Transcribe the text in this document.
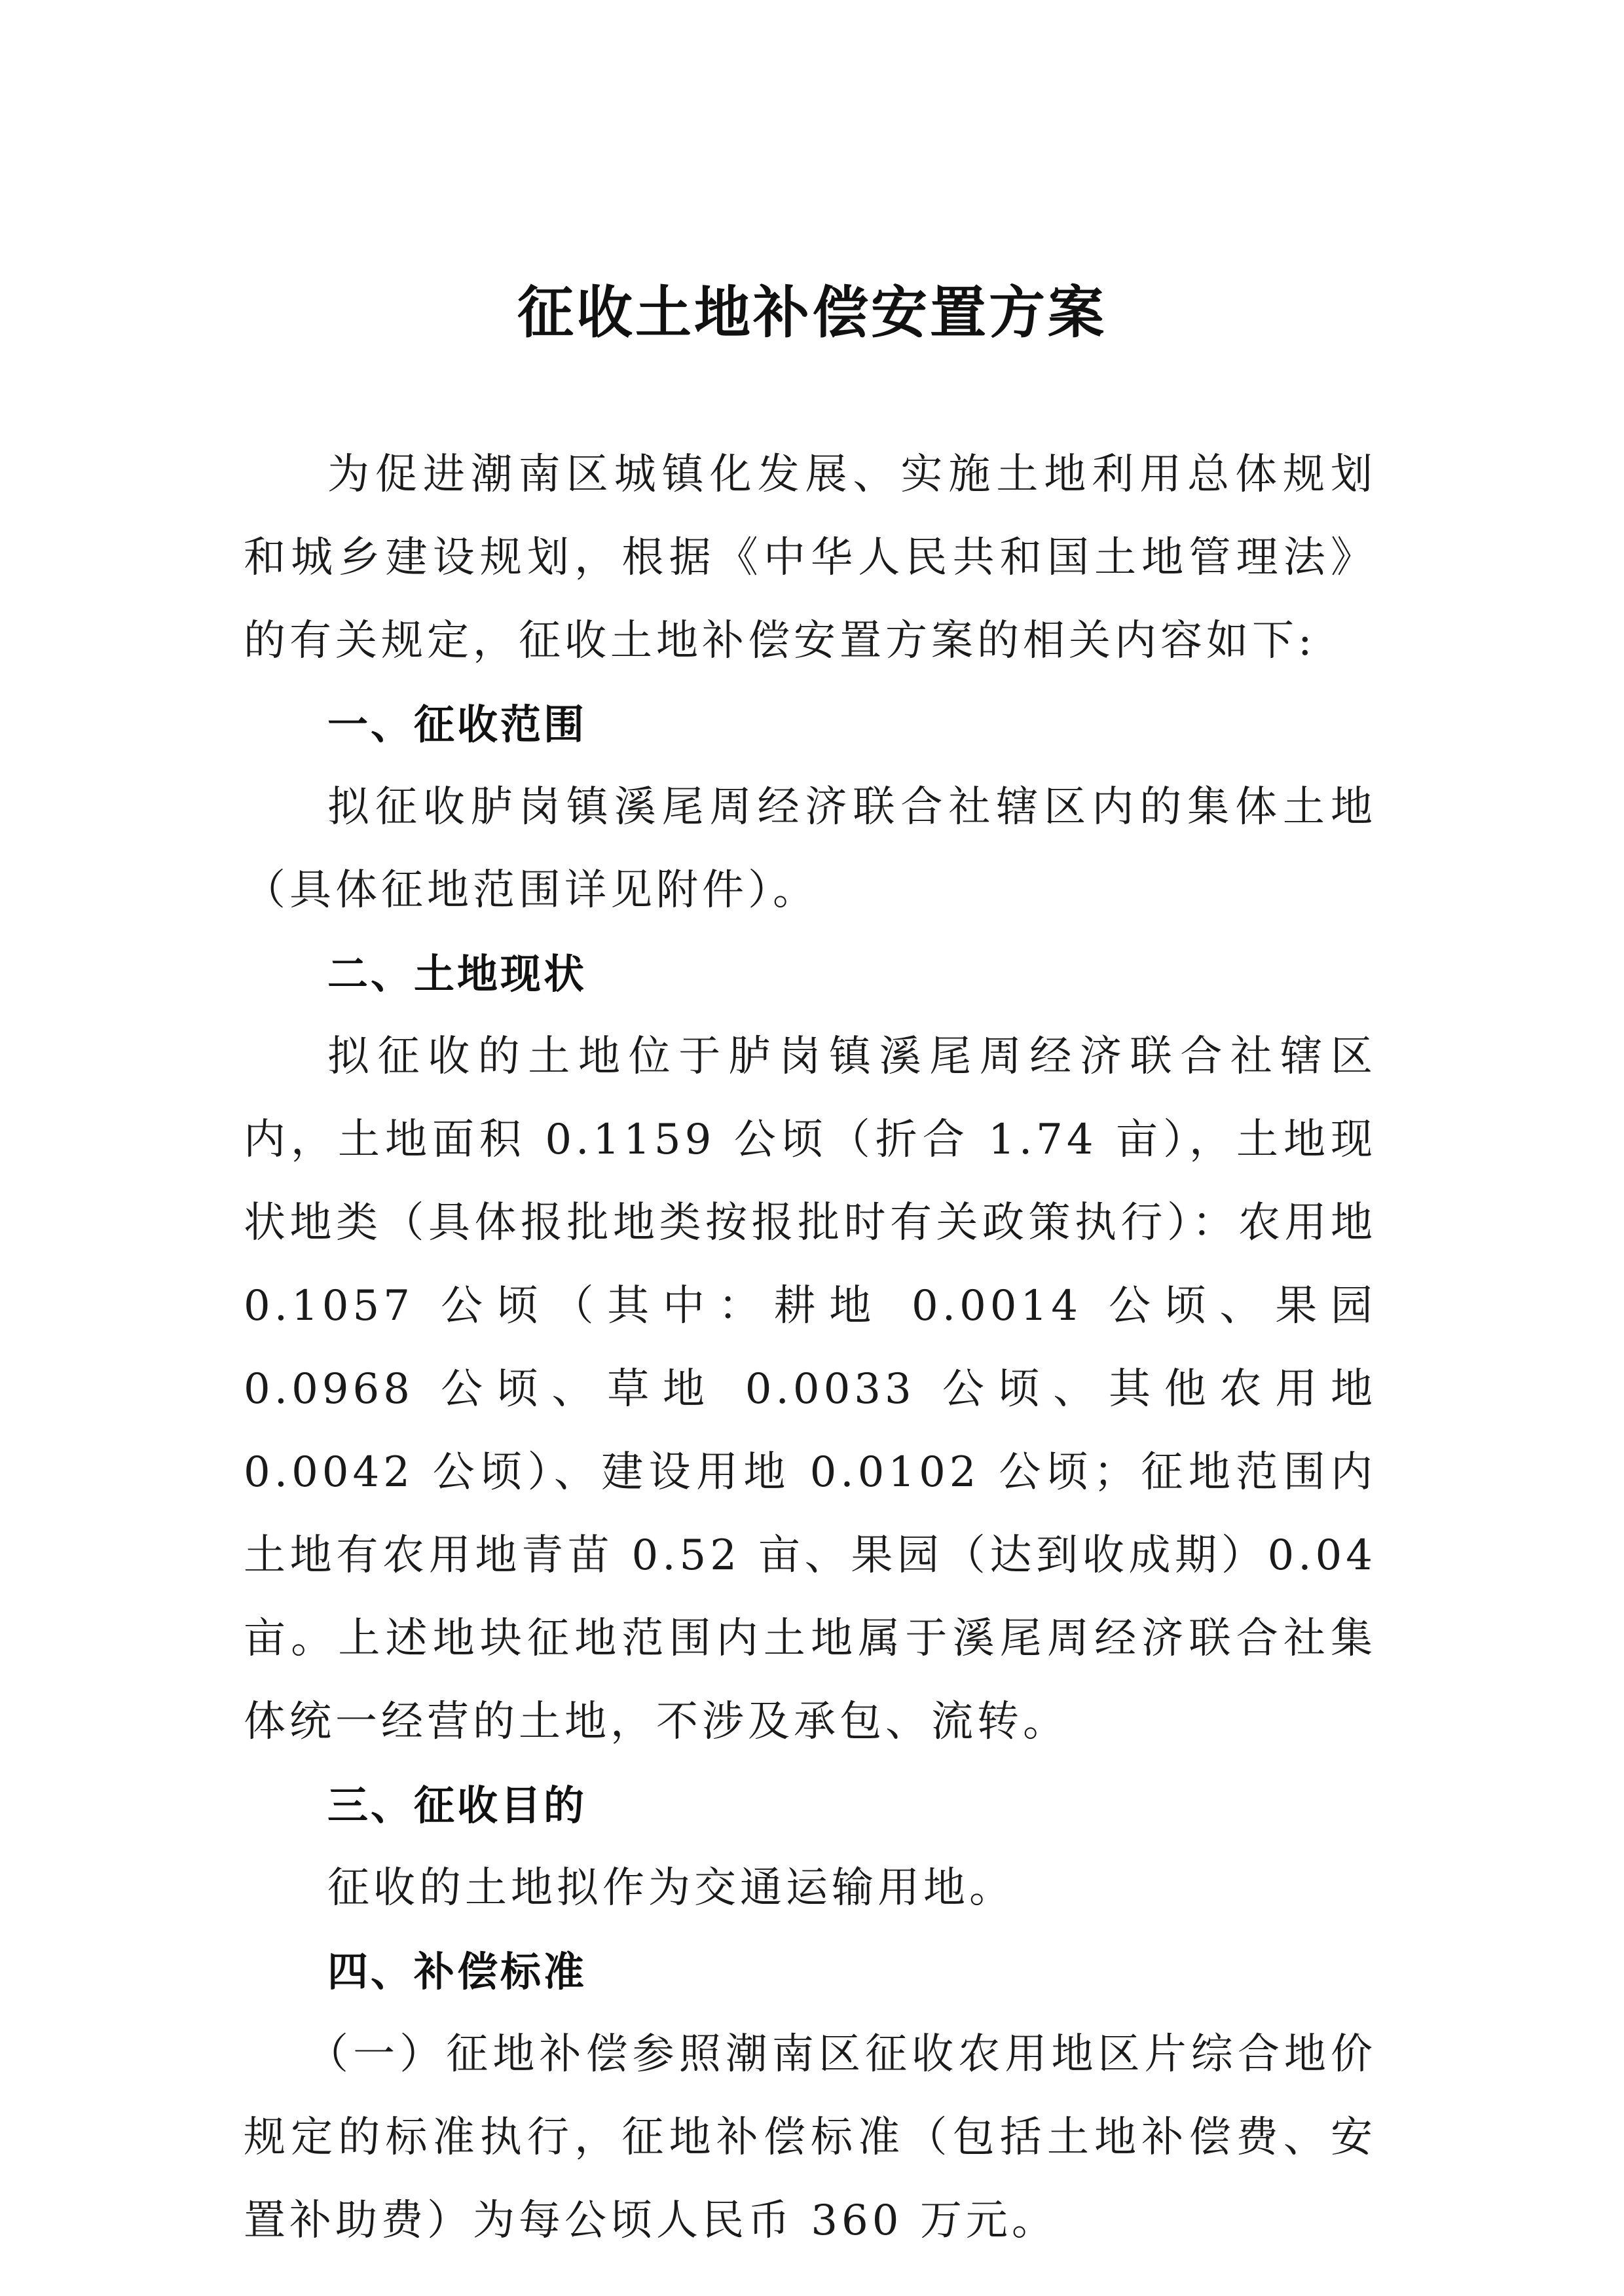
征收土地补偿安置方案

为促进潮南区城镇化发展、实施土地利用总体规划和城乡建设规划，根据《中华人民共和国土地管理法》的有关规定，征收土地补偿安置方案的相关内容如下:

一、征收范围

拟征收胪岗镇溪尾周经济联合社辖区内的集体土地（具体征地范围详见附件）。

二、土地现状

拟征收的土地位于胪岗镇溪尾周经济联合社辖区内，土地面积 0.1159 公顷（折合 1.74 亩），土地现状地类（具体报批地类按报批时有关政策执行）：农用地 0.1057 公顷（其中：耕地 0.0014 公顷、果园 0.0968 公顷、草地 0.0033 公顷、其他农用地 0.0042 公顷）、建设用地 0.0102 公顷；征地范围内土地有农用地青苗 0.52 亩、果园（达到收成期）0.04 亩。上述地块征地范围内土地属于溪尾周经济联合社集体统一经营的土地，不涉及承包、流转。

三、征收目的

征收的土地拟作为交通运输用地。

四、补偿标准

（一）征地补偿参照潮南区征收农用地区片综合地价规定的标准执行，征地补偿标准（包括土地补偿费、安置补助费）为每公顷人民币 360 万元。
